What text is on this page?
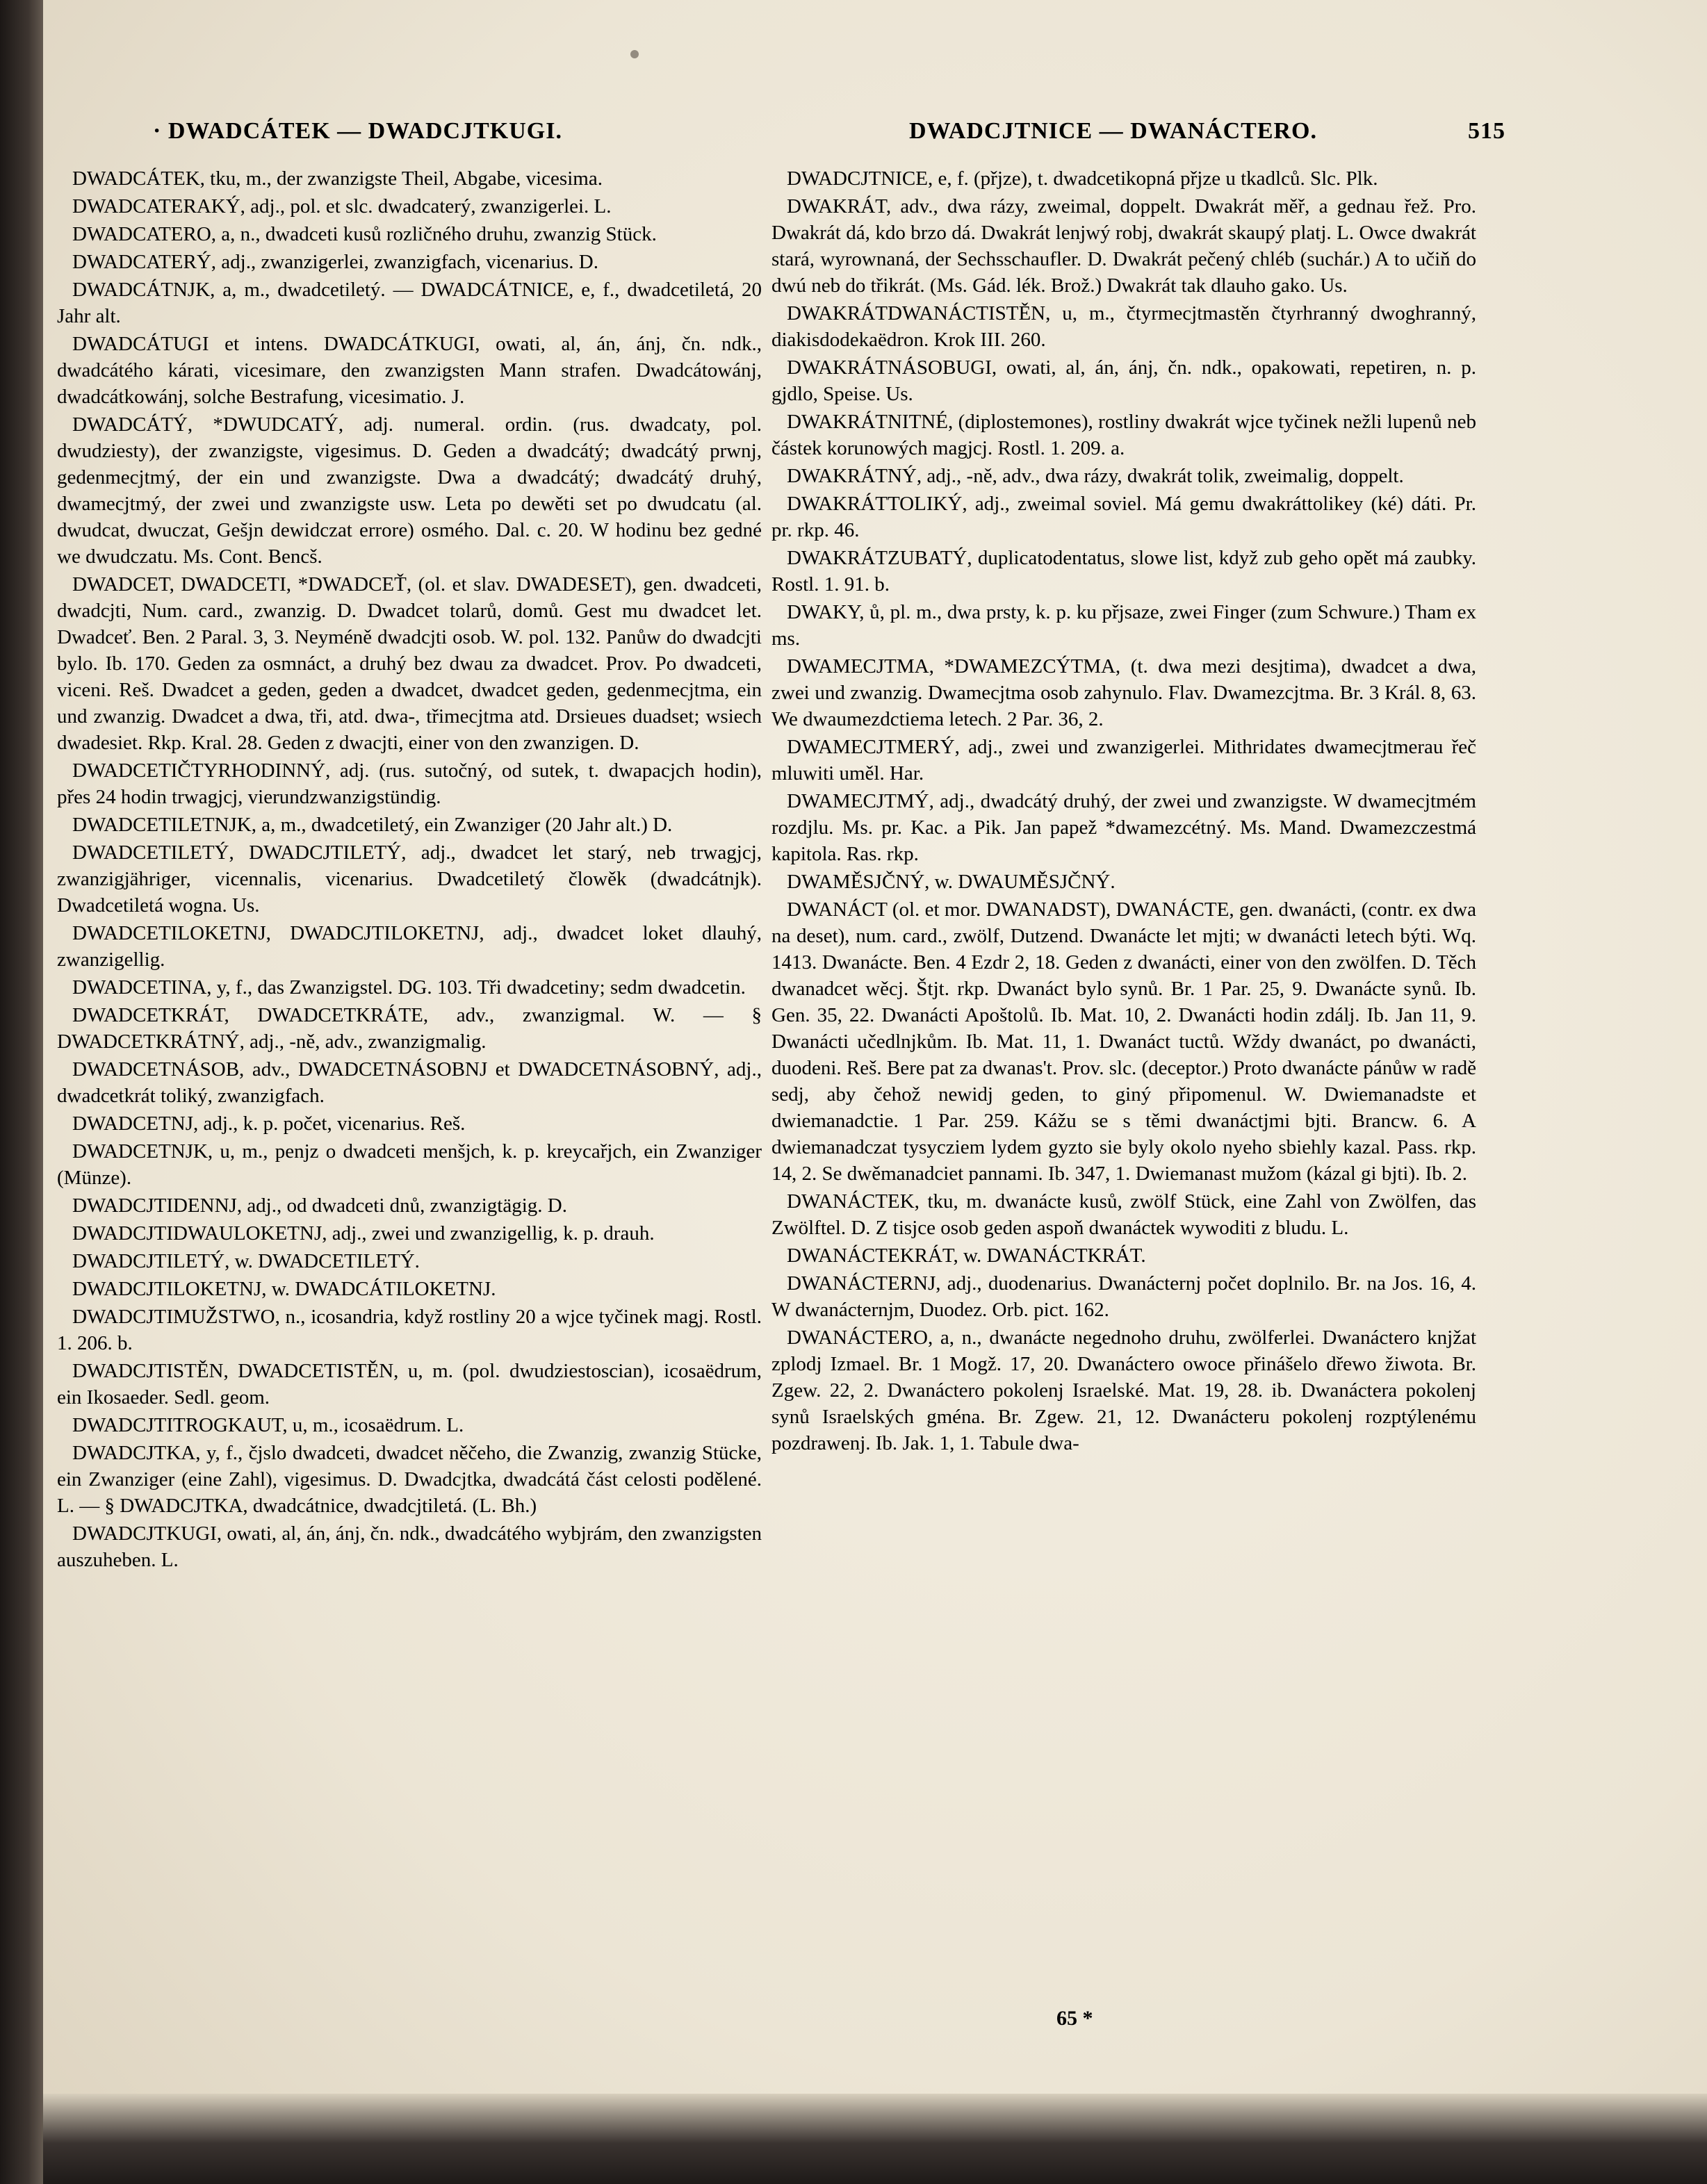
· DWADCÁTEK — DWADCJTKUGI.	DWADCJTNICE — DWANÁCTERO.	515

DWADCÁTEK, tku, m., der zwanzigste Theil, Abgabe, vicesima.

DWADCATERAKÝ, adj., pol. et slc. dwadcaterý, zwanzigerlei. L.

DWADCATERO, a, n., dwadceti kusů rozličného druhu, zwanzig Stück.

DWADCATERÝ, adj., zwanzigerlei, zwanzigfach, vicenarius. D.

DWADCÁTNJK, a, m., dwadcetiletý. — DWADCÁTNICE, e, f., dwadcetiletá, 20 Jahr alt.

DWADCÁTUGI et intens. DWADCÁTKUGI, owati, al, án, ánj, čn. ndk., dwadcátého kárati, vicesimare, den zwanzigsten Mann strafen. Dwadcátowánj, dwadcátkowánj, solche Bestrafung, vicesimatio. J.

DWADCÁTÝ, *DWUDCATÝ, adj. numeral. ordin. (rus. dwadcaty, pol. dwudziesty), der zwanzigste, vigesimus. D. Geden a dwadcátý; dwadcátý prwnj, gedenmecjtmý, der ein und zwanzigste. Dwa a dwadcátý; dwadcátý druhý, dwamecjtmý, der zwei und zwanzigste usw. Leta po dewěti set po dwudcatu (al. dwudcat, dwuczat, Gešjn dewidczat errore) osmého. Dal. c. 20. W hodinu bez gedné we dwudczatu. Ms. Cont. Bencš.

DWADCET, DWADCETI, *DWADCEŤ, (ol. et slav. DWADESET), gen. dwadceti, dwadcjti, Num. card., zwanzig. D. Dwadcet tolarů, domů. Gest mu dwadcet let. Dwadceť. Ben. 2 Paral. 3, 3. Neyméně dwadcjti osob. W. pol. 132. Panůw do dwadcjti bylo. Ib. 170. Geden za osmnáct, a druhý bez dwau za dwadcet. Prov. Po dwadceti, viceni. Reš. Dwadcet a geden, geden a dwadcet, dwadcet geden, gedenmecjtma, ein und zwanzig. Dwadcet a dwa, tři, atd. dwa-, třimecjtma atd. Drsieues duadset; wsiech dwadesiet. Rkp. Kral. 28. Geden z dwacjti, einer von den zwanzigen. D.

DWADCETIČTYRHODINNÝ, adj. (rus. sutočný, od sutek, t. dwapacjch hodin), přes 24 hodin trwagjcj, vierundzwanzigstündig.

DWADCETILETNJK, a, m., dwadcetiletý, ein Zwanziger (20 Jahr alt.) D.

DWADCETILETÝ, DWADCJTILETÝ, adj., dwadcet let starý, neb trwagjcj, zwanzigjähriger, vicennalis, vicenarius. Dwadcetiletý člowěk (dwadcátnjk). Dwadcetiletá wogna. Us.

DWADCETILOKETNJ, DWADCJTILOKETNJ, adj., dwadcet loket dlauhý, zwanzigellig.

DWADCETINA, y, f., das Zwanzigstel. DG. 103. Tři dwadcetiny; sedm dwadcetin.

DWADCETKRÁT, DWADCETKRÁTE, adv., zwanzigmal. W. — § DWADCETKRÁTNÝ, adj., -ně, adv., zwanzigmalig.

DWADCETNÁSOB, adv., DWADCETNÁSOBNJ et DWADCETNÁSOBNÝ, adj., dwadcetkrát toliký, zwanzigfach.

DWADCETNJ, adj., k. p. počet, vicenarius. Reš.

DWADCETNJK, u, m., penjz o dwadceti menšjch, k. p. kreycařjch, ein Zwanziger (Münze).

DWADCJTIDENNJ, adj., od dwadceti dnů, zwanzigtägig. D.

DWADCJTIDWAULOKETNJ, adj., zwei und zwanzigellig, k. p. drauh.

DWADCJTILETÝ, w. DWADCETILETÝ.

DWADCJTILOKETNJ, w. DWADCÁTILOKETNJ.

DWADCJTIMUŽSTWO, n., icosandria, když rostliny 20 a wjce tyčinek magj. Rostl. 1. 206. b.

DWADCJTISTĚN, DWADCETISTĚN, u, m. (pol. dwudziestoscian), icosaëdrum, ein Ikosaeder. Sedl. geom.

DWADCJTITROGKAUT, u, m., icosaëdrum. L.

DWADCJTKA, y, f., čjslo dwadceti, dwadcet něčeho, die Zwanzig, zwanzig Stücke, ein Zwanziger (eine Zahl), vigesimus. D. Dwadcjtka, dwadcátá část celosti podělené. L. — § DWADCJTKA, dwadcátnice, dwadcjtiletá. (L. Bh.)

DWADCJTKUGI, owati, al, án, ánj, čn. ndk., dwadcátého wybjrám, den zwanzigsten auszuheben. L.

DWADCJTNICE, e, f. (přjze), t. dwadcetikopná přjze u tkadlců. Slc. Plk.

DWAKRÁT, adv., dwa rázy, zweimal, doppelt. Dwakrát měř, a gednau řež. Pro. Dwakrát dá, kdo brzo dá. Dwakrát lenjwý robj, dwakrát skaupý platj. L. Owce dwakrát stará, wyrownaná, der Sechsschaufler. D. Dwakrát pečený chléb (suchár.) A to učiň do dwú neb do třikrát. (Ms. Gád. lék. Brož.) Dwakrát tak dlauho gako. Us.

DWAKRÁTDWANÁCTISTĚN, u, m., čtyrmecjtmastěn čtyrhranný dwoghranný, diakisdodekaëdron. Krok III. 260.

DWAKRÁTNÁSOBUGI, owati, al, án, ánj, čn. ndk., opakowati, repetiren, n. p. gjdlo, Speise. Us.

DWAKRÁTNITNÉ, (diplostemones), rostliny dwakrát wjce tyčinek nežli lupenů neb částek korunowých magjcj. Rostl. 1. 209. a.

DWAKRÁTNÝ, adj., -ně, adv., dwa rázy, dwakrát tolik, zweimalig, doppelt.

DWAKRÁTTOLIKÝ, adj., zweimal soviel. Má gemu dwakráttolikey (ké) dáti. Pr. pr. rkp. 46.

DWAKRÁTZUBATÝ, duplicatodentatus, slowe list, když zub geho opět má zaubky. Rostl. 1. 91. b.

DWAKY, ů, pl. m., dwa prsty, k. p. ku přjsaze, zwei Finger (zum Schwure.) Tham ex ms.

DWAMECJTMA, *DWAMEZCÝTMA, (t. dwa mezi desjtima), dwadcet a dwa, zwei und zwanzig. Dwamecjtma osob zahynulo. Flav. Dwamezcjtma. Br. 3 Král. 8, 63. We dwaumezdctiema letech. 2 Par. 36, 2.

DWAMECJTMERÝ, adj., zwei und zwanzigerlei. Mithridates dwamecjtmerau řeč mluwiti uměl. Har.

DWAMECJTMÝ, adj., dwadcátý druhý, der zwei und zwanzigste. W dwamecjtmém rozdjlu. Ms. pr. Kac. a Pik. Jan papež *dwamezcétný. Ms. Mand. Dwamezczestmá kapitola. Ras. rkp.

DWAMĚSJČNÝ, w. DWAUMĚSJČNÝ.

DWANÁCT (ol. et mor. DWANADST), DWANÁCTE, gen. dwanácti, (contr. ex dwa na deset), num. card., zwölf, Dutzend. Dwanácte let mjti; w dwanácti letech býti. Wq. 1413. Dwanácte. Ben. 4 Ezdr 2, 18. Geden z dwanácti, einer von den zwölfen. D. Těch dwanadcet wěcj. Štjt. rkp. Dwanáct bylo synů. Br. 1 Par. 25, 9. Dwanácte synů. Ib. Gen. 35, 22. Dwanácti Apoštolů. Ib. Mat. 10, 2. Dwanácti hodin zdálj. Ib. Jan 11, 9. Dwanácti učedlnjkům. Ib. Mat. 11, 1. Dwanáct tuctů. Wždy dwanáct, po dwanácti, duodeni. Reš. Bere pat za dwanas't. Prov. slc. (deceptor.) Proto dwanácte pánůw w radě sedj, aby čehož newidj geden, to giný připomenul. W. Dwiemanadste et dwiemanadctie. 1 Par. 259. Kážu se s těmi dwanáctjmi bjti. Brancw. 6. A dwiemanadczat tysycziem lydem gyzto sie byly okolo nyeho sbiehly kazal. Pass. rkp. 14, 2. Se dwěmanadciet pannami. Ib. 347, 1. Dwiemanast mužom (kázal gi bjti). Ib. 2.

DWANÁCTEK, tku, m. dwanácte kusů, zwölf Stück, eine Zahl von Zwölfen, das Zwölftel. D. Z tisjce osob geden aspoň dwanáctek wywoditi z bludu. L.

DWANÁCTEKRÁT, w. DWANÁCTKRÁT.

DWANÁCTERNJ, adj., duodenarius. Dwanácternj počet doplnilo. Br. na Jos. 16, 4. W dwanácternjm, Duodez. Orb. pict. 162.

DWANÁCTERO, a, n., dwanácte negednoho druhu, zwölferlei. Dwanáctero knjžat zplodj Izmael. Br. 1 Mogž. 17, 20. Dwanáctero owoce přinášelo dřewo žiwota. Br. Zgew. 22, 2. Dwanáctero pokolenj Israelské. Mat. 19, 28. ib. Dwanáctera pokolenj synů Israelských gména. Br. Zgew. 21, 12. Dwanácteru pokolenj rozptýlenému pozdrawenj. Ib. Jak. 1, 1. Tabule dwa-

65 *
